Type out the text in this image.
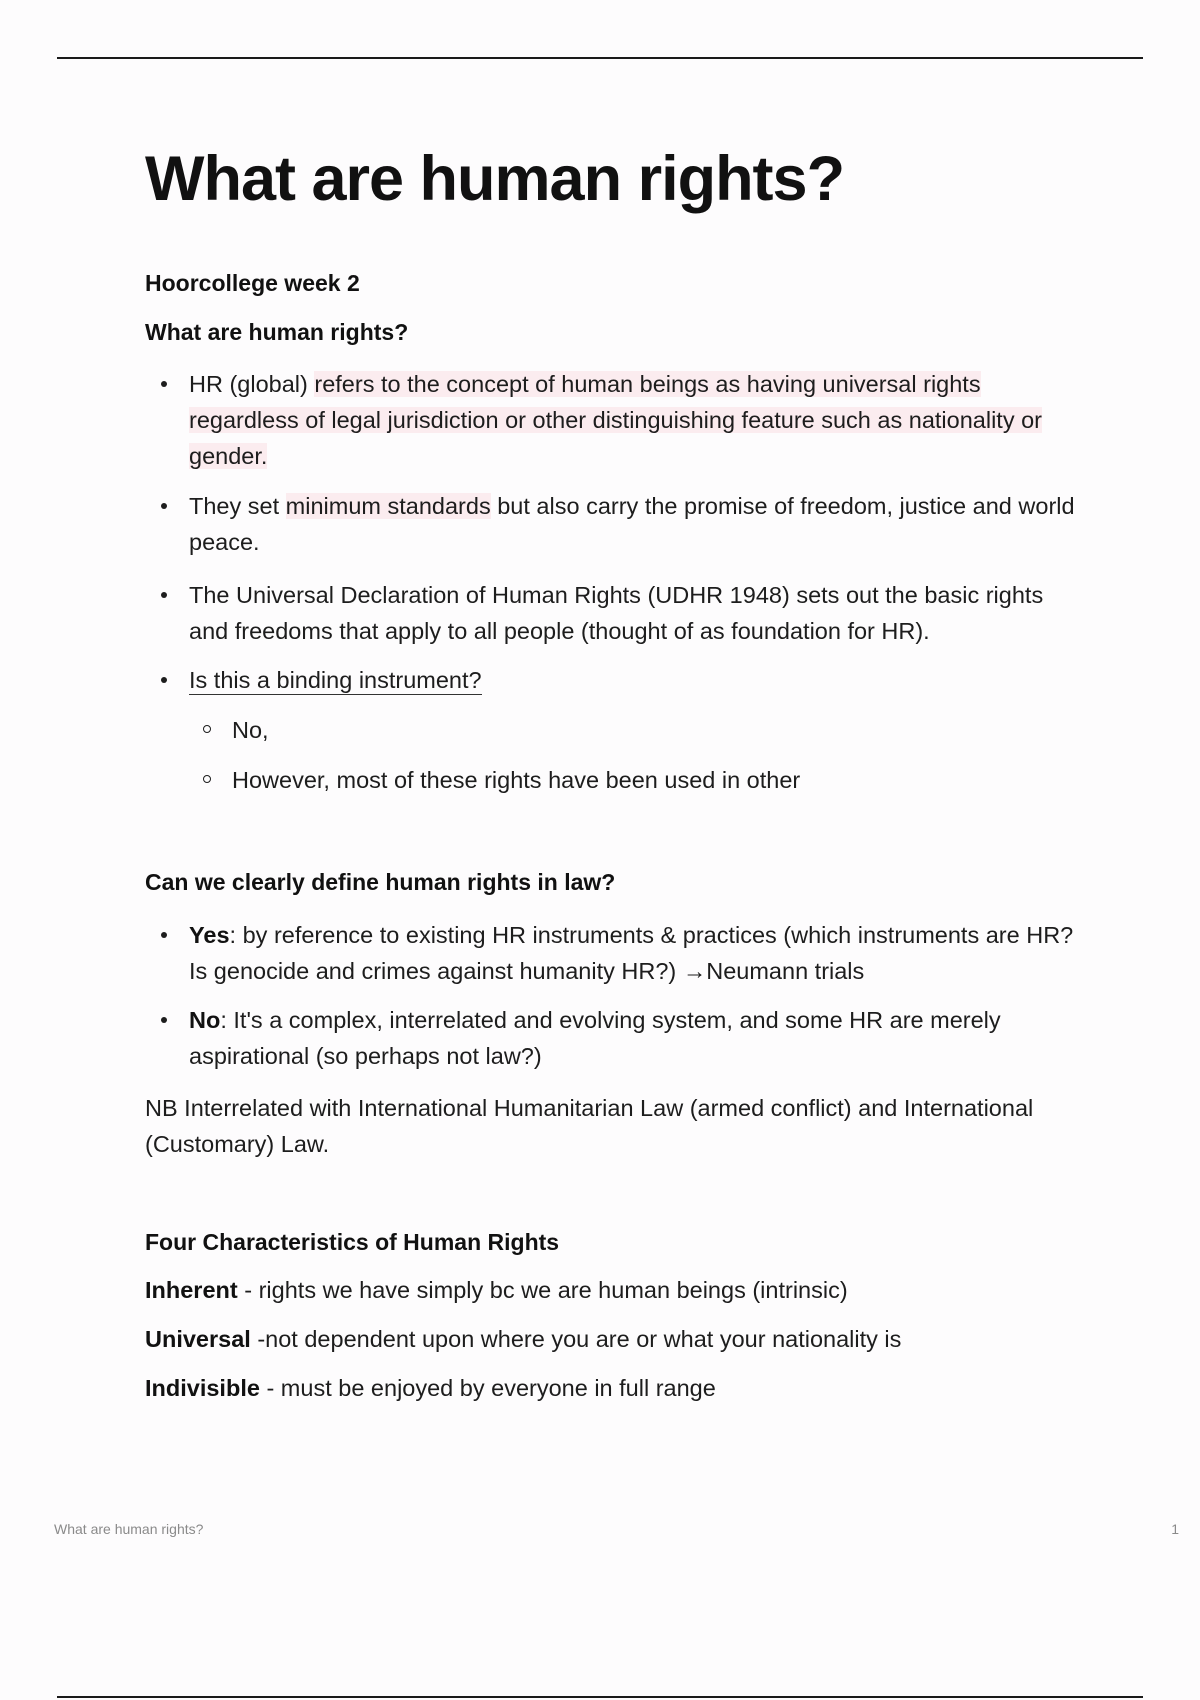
What are human rights?

Hoorcollege week 2

What are human rights?

HR (global) refers to the concept of human beings as having universal rights regardless of legal jurisdiction or other distinguishing feature such as nationality or gender.
They set minimum standards but also carry the promise of freedom, justice and world peace.
The Universal Declaration of Human Rights (UDHR 1948) sets out the basic rights and freedoms that apply to all people (thought of as foundation for HR).
Is this a binding instrument?
No,
However, most of these rights have been used in other

Can we clearly define human rights in law?

Yes: by reference to existing HR instruments & practices (which instruments are HR? Is genocide and crimes against humanity HR?) →Neumann trials
No: It's a complex, interrelated and evolving system, and some HR are merely aspirational (so perhaps not law?)

NB Interrelated with International Humanitarian Law (armed conflict) and International (Customary) Law.

Four Characteristics of Human Rights

Inherent - rights we have simply bc we are human beings (intrinsic)

Universal -not dependent upon where you are or what your nationality is

Indivisible - must be enjoyed by everyone in full range

What are human rights?	1
